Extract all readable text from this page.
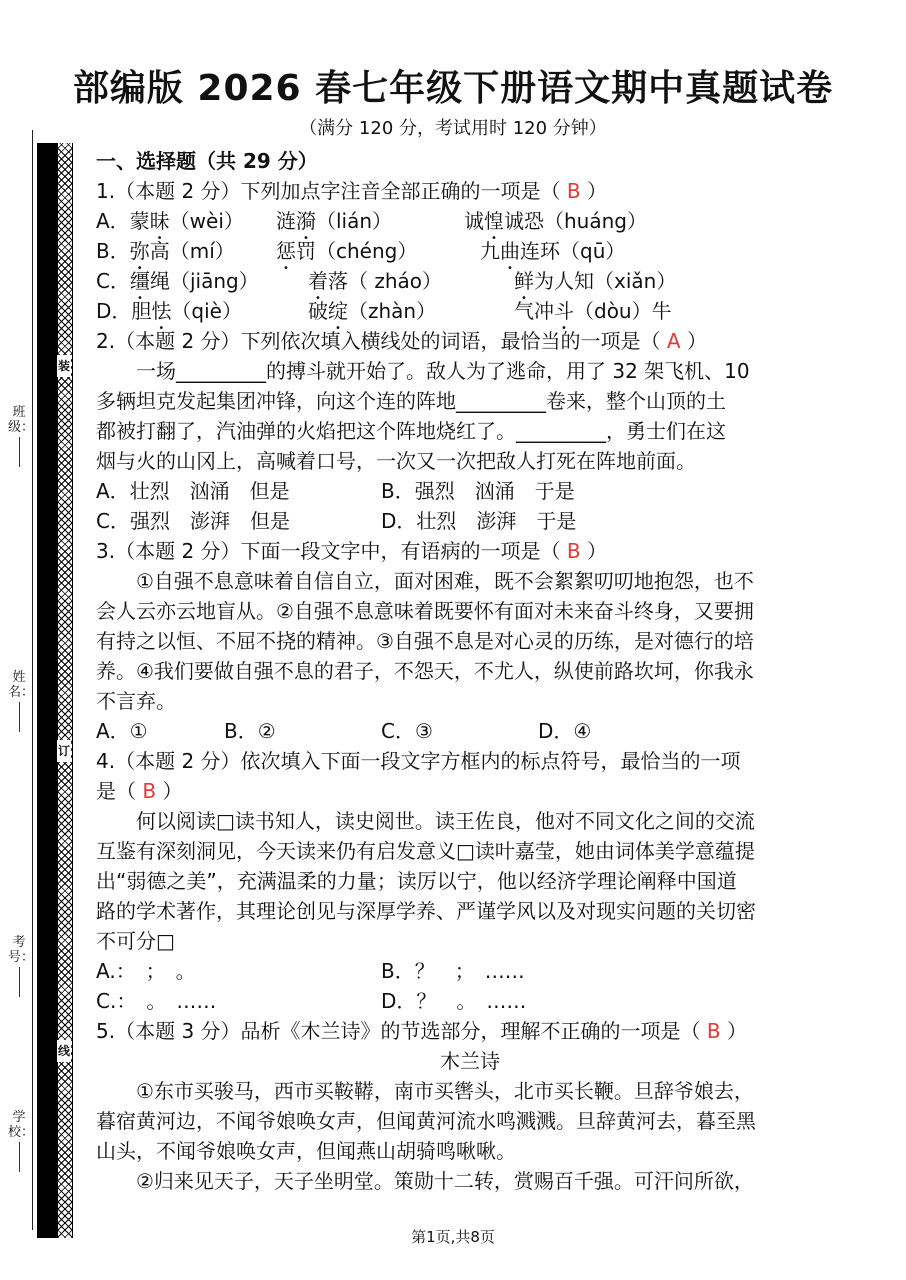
部编版 2026 春七年级下册语文期中真题试卷
（满分 120 分，考试用时 120 分钟）
装
订
线
班级：
姓名：
考号：
学校：
一、选择题（共 29 分）
1.（本题 2 分）下列加点字注音全部正确的一项是（ B ）
A．蒙昧（wèi） 涟漪（lián）	诚惶诚恐（huáng）
B．弥高（mí） 惩罚（chéng）	九曲连环（qū）
C．缰绳（jiāng） 着落（ zháo）	鲜为人知（xiǎn）
D．胆怯（qiè）	破绽（zhàn）	气冲斗（dòu）牛
2.（本题 2 分）下列依次填入横线处的词语，最恰当的一项是（ A ）
一场_________的搏斗就开始了。敌人为了逃命，用了 32 架飞机、10
多辆坦克发起集团冲锋，向这个连的阵地_________卷来，整个山顶的土
都被打翻了，汽油弹的火焰把这个阵地烧红了。_________，勇士们在这
烟与火的山冈上，高喊着口号，一次又一次把敌人打死在阵地前面。
A．壮烈　汹涌　但是	B．强烈　汹涌　于是
C．强烈　澎湃　但是	D．壮烈　澎湃　于是
3.（本题 2 分）下面一段文字中，有语病的一项是（ B ）
①自强不息意味着自信自立，面对困难，既不会絮絮叨叨地抱怨，也不
会人云亦云地盲从。②自强不息意味着既要怀有面对未来奋斗终身，又要拥
有持之以恒、不屈不挠的精神。③自强不息是对心灵的历练，是对德行的培
养。④我们要做自强不息的君子，不怨天，不尤人，纵使前路坎坷，你我永
不言弃。
A．①	B．②	C．③	D．④
4.（本题 2 分）依次填入下面一段文字方框内的标点符号，最恰当的一项
是（ B ）
何以阅读□读书知人，读史阅世。读王佐良，他对不同文化之间的交流
互鉴有深刻洞见，今天读来仍有启发意义□读叶嘉莹，她由词体美学意蕴提
出“弱德之美”，充满温柔的力量；读厉以宁，他以经济学理论阐释中国道
路的学术著作，其理论创见与深厚学养、严谨学风以及对现实问题的关切密
不可分□
A.：　；　。	B．？　；　……
C.：　。　……	D．？　。　……
5.（本题 3 分）品析《木兰诗》的节选部分，理解不正确的一项是（ B ）
木兰诗
①东市买骏马，西市买鞍鞯，南市买辔头，北市买长鞭。旦辞爷娘去，
暮宿黄河边，不闻爷娘唤女声，但闻黄河流水鸣溅溅。旦辞黄河去，暮至黑
山头，不闻爷娘唤女声，但闻燕山胡骑鸣啾啾。
②归来见天子，天子坐明堂。策勋十二转，赏赐百千强。可汗问所欲，
第1页,共8页
